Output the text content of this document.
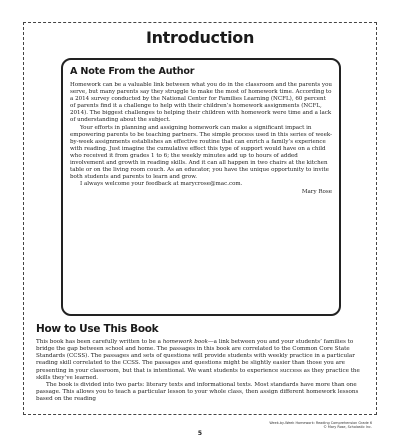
Introduction
A Note From the Author

Homework can be a valuable link between what you do in the classroom and the parents you serve, but many parents say they struggle to make the most of homework time. According to a 2014 survey conducted by the National Center for Families Learning (NCFL), 60 percent of parents find it a challenge to help with their children’s homework assignments (NCFL, 2014). The biggest challenges to helping their children with homework were time and a lack of understanding about the subject.

Your efforts in planning and assigning homework can make a significant impact in empowering parents to be teaching partners. The simple process used in this series of week-by-week assignments establishes an effective routine that can enrich a family’s experience with reading. Just imagine the cumulative effect this type of support would have on a child who received it from grades 1 to 6; the weekly minutes add up to hours of added involvement and growth in reading skills. And it can all happen in two chairs at the kitchen table or on the living room couch. As an educator, you have the unique opportunity to invite both students and parents to learn and grow.

I always welcome your feedback at marycrose@mac.com.

Mary Rose

How to Use This Book

This book has been carefully written to be a homework book—a link between you and your students’ families to bridge the gap between school and home. The passages in this book are correlated to the Common Core State Standards (CCSS). The passages and sets of questions will provide students with weekly practice in a particular reading skill correlated to the CCSS. The passages and questions might be slightly easier than those you are presenting in your classroom, but that is intentional. We want students to experience success as they practice the skills they’ve learned.

The book is divided into two parts: literary texts and informational texts. Most standards have more than one passage. This allows you to teach a particular lesson to your whole class, then assign different homework lessons based on the reading

Week-by-Week Homework: Reading Comprehension Grade 6
© Mary Rose, Scholastic Inc.
5
